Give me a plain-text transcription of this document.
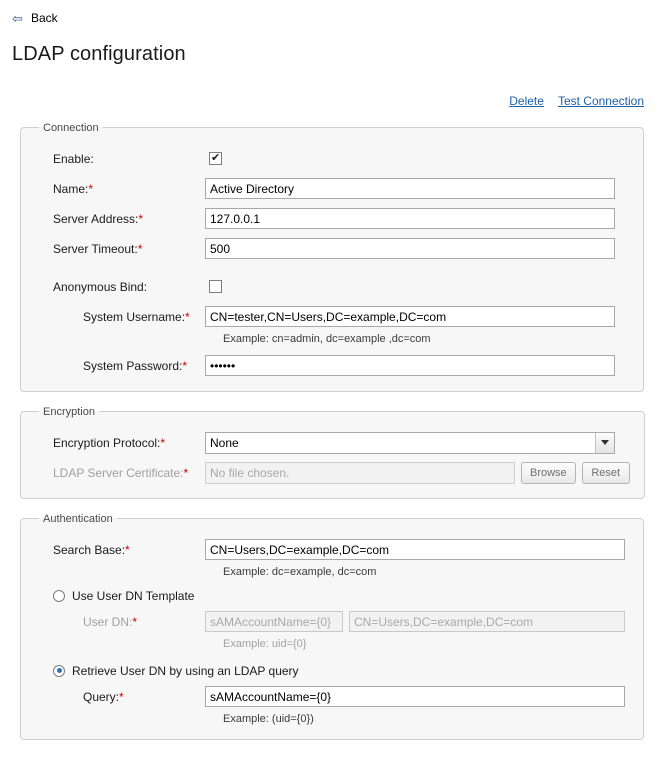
⇦ Back
LDAP configuration
Delete Test Connection
Connection
Enable:
✔
Name:*
Active Directory
Server Address:*
127.0.0.1
Server Timeout:*
500
Anonymous Bind:
System Username:*
CN=tester,CN=Users,DC=example,DC=com
Example: cn=admin, dc=example ,dc=com
System Password:*
••••••
Encryption
Encryption Protocol:*
None
LDAP Server Certificate:*	No file chosen.	Browse	Reset
Authentication
Search Base:*
CN=Users,DC=example,DC=com
Example: dc=example, dc=com
Use User DN Template
User DN:*
sAMAccountName={0}
CN=Users,DC=example,DC=com
Example: uid={0}
Retrieve User DN by using an LDAP query
Query:*
sAMAccountName={0}
Example: (uid={0})
